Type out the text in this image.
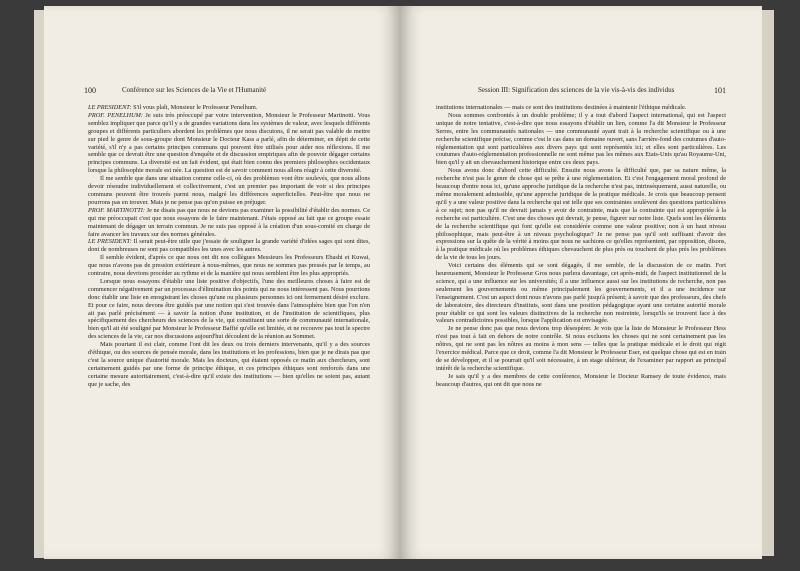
100	Conférence sur les Sciences de la Vie et l'Humanité

LE PRESIDENT: S'il vous plaît, Monsieur le Professeur Penelhum.

PROF. PENELHUM: Je suis très préoccupé par votre intervention, Monsieur le Professeur Martinotti. Vous semblez impliquer que parce qu'il y a de grandes variations dans les systèmes de valeur, avec lesquels différents groupes et différents particuliers abordent les problèmes que nous discutons, il ne serait pas valable de mettre sur pied le genre de sous-groupe dont Monsieur le Docteur Kass a parlé, afin de déterminer, en dépit de cette variété, s'il n'y a pas certains principes communs qui pouvent être utilisés pour aider nos réflexions. Il me semble que ce devrait être une question d'enquête et de discussion empiriques afin de pouvoir dégager certains principes communs. La diversité est un fait évident, qui était bien connu des premiers philosophes occidentaux lorsque la philosophie morale est née. La question est de savoir comment nous allons réagir à cette diversité.

Il me semble que dans une situation comme celle-ci, où des problèmes vont être soulevés, que nous allons devoir résoudre individuellement et collectivement, c'est un premier pas important de voir si des principes communs peuvent être trouvés parmi nous, malgré les différences superficielles. Peut-être que nous ne pourrons pas en trouver. Mais je ne pense pas qu'on puisse en préjuger.

PROF. MARTINOTTI: Je ne disais pas que nous ne devions pas examiner la possibilité d'établir des normes. Ce qui me préoccupait c'est que nous essayons de le faire maintenant. J'étais opposé au fait que ce groupe essaie maintenant de dégager un terrain commun. Je ne suis pas opposé à la création d'un sous-comité en charge de faire avancer les travaux sur des normes générales.

LE PRESIDENT: Il serait peut-être utile que j'essaie de souligner la grande variété d'idées sages qui sont dites, dont de nombreuses ne sont pas compatibles les unes avec les autres.

Il semble évident, d'après ce que nous ont dit nos collègues Messieurs les Professeurs Ebashi et Kuwai, que nous n'avons pas de pression extérieure à nous-mêmes, que nous ne sommes pas pressés par le temps, au contraire, nous devrions procéder au rythme et de la manière qui nous semblent être les plus appropriés.

Lorsque nous essayons d'établir une liste positive d'objectifs, l'une des meilleures choses à faire est de commencer négativement par un processus d'élimination des points qui ne nous intéressent pas. Nous pourrions donc établir une liste en enregistrant les choses qu'une ou plusieurs personnes ici ont fermement désiré exclure. Et pour ce faire, nous devons être guidés par une notion qui s'est trouvée dans l'atmosphère bien que l'on n'en ait pas parlé précisément — à savoir la notion d'une institution, et de l'institution de scientifiques, plus spécifiquement des chercheurs des sciences de la vie, qui constituent une sorte de communauté internationale, bien qu'il ait été souligné par Monsieur le Professeur Baffié qu'elle est limitée, et ne recouvre pas tout le spectre des sciences de la vie, car nos discussions aujourd'hui découlent de la réunion au Sommet.

Mais pourtant il est clair, comme l'ont dit les deux ou trois derniers intervenants, qu'il y a des sources d'éthique, ou des sources de pensée morale, dans les institutions et les professions, bien que je ne dirais pas que c'est la source unique d'autorité morale. Mais les docteurs, qui étaient opposés ce matin aux chercheurs, sont certainement guidés par une forme de principe éthique, et ces principes éthiques sont renforcés dans une certaine mesure autoritairement, c'est-à-dire qu'il existe des institutions — bien qu'elles ne soient pas, autant que je sache, des

Session III: Signification des sciences de la vie vis-à-vis des individus	101

institutions internationales — mais ce sont des institutions destinées à maintenir l'éthique médicale.

Nous sommes confrontés à un double problème; il y a tout d'abord l'aspect international, qui est l'aspect unique de notre tentative, c'est-à-dire que nous essayons d'établir un lien, comme l'a dit Monsieur le Professeur Serres, entre les communautés nationales — une communauté ayant trait à la recherche scientifique ou à une recherche scientifique précise, comme c'est le cas dans un domaine ouvert, sans l'arrière-fond des coutumes d'auto-réglementation qui sont particulières aux divers pays qui sont représentés ici; et elles sont particulières. Les coutumes d'auto-réglementation professionnelle ne sont même pas les mêmes aux Etats-Unis qu'au Royaume-Uni, bien qu'il y ait un chevauchement historique entre ces deux pays.

Nous avons donc d'abord cette difficulté. Ensuite nous avons la difficulté que, par sa nature même, la recherche n'est pas le genre de chose qui se prête à une réglementation. Et c'est l'engagement moral profond de beaucoup d'entre nous ici, qu'une approche juridique de la recherche n'est pas, intrinsèquement, aussi naturelle, ou même moralement admissible, qu'une approche juridique de la pratique médicale. Je crois que beaucoup pensent qu'il y a une valeur positive dans la recherche qui est telle que ses contraintes soulèvent des questions particulières à ce sujet; non pas qu'il ne devrait jamais y avoir de contrainte, mais que la contrainte qui est appropriée à la recherche est particulière. C'est une des choses qui devrait, je pense, figurer sur notre liste. Quels sont les éléments de la recherche scientifique qui font qu'elle est considérée comme une valeur positive; non à un haut niveau philosophique, mais peut-être à un niveau psychologique? Je ne pense pas qu'il soit suffisant d'avoir des expressions sur la quête de la vérité à moins que nous ne sachions ce qu'elles représentent, par opposition, disons, à la pratique médicale où les problèmes éthiques chevauchent de plus près ou touchent de plus près les problèmes de la vie de tous les jours.

Voici certains des éléments qui se sont dégagés, il me semble, de la discussion de ce matin. Fort heureusement, Monsieur le Professeur Gros nous parlera davantage, cet après-midi, de l'aspect institutionnel de la science, qui a une influence sur les universités; il a une influence aussi sur les institutions de recherche, non pas seulement les gouvernements ou même principalement les gouvernements, et il a une incidence sur l'enseignement. C'est un aspect dont nous n'avons pas parlé jusqu'à présent; à savoir que des professeurs, des chefs de laboratoire, des directeurs d'instituts, sont dans une position pédagogique ayant une certaine autorité morale pour établir ce qui sont les valeurs distinctives de la recherche non restreinte, lorsqu'ils se trouvent face à des valeurs contradictoires possibles, lorsque l'application est envisagée.

Je ne pense donc pas que nous devions trop désespérer. Je vois que la liste de Monsieur le Professeur Hess n'est pas tout à fait en dehors de notre contrôle. Si nous excluons les choses qui ne sont certainement pas les nôtres, qui ne sont pas les nôtres au moins à mon sens — telles que la pratique médicale et le droit qui régit l'exercice médical. Parce que ce droit, comme l'a dit Monsieur le Professeur Eser, est quelque chose qui est en train de se développer, et il se pourrait qu'il soit nécessaire, à un stage ultérieur, de l'examiner par rapport au principal intérêt de la recherche scientifique.

Je sais qu'il y a des membres de cette conférence, Monsieur le Docteur Ramsey de toute évidence, mais beaucoup d'autres, qui ont dit que nous ne
